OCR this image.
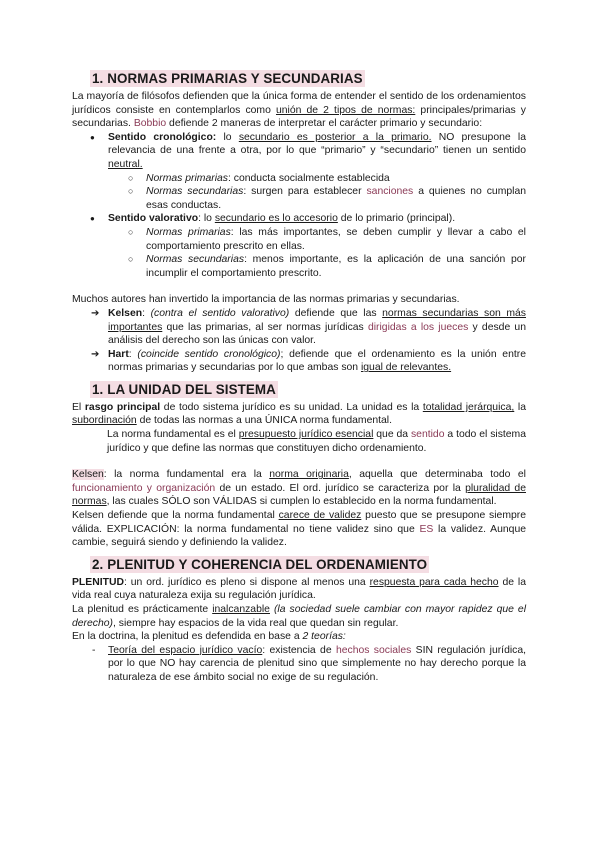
1. NORMAS PRIMARIAS Y SECUNDARIAS

La mayoría de filósofos defienden que la única forma de entender el sentido de los ordenamientos jurídicos consiste en contemplarlos como unión de 2 tipos de normas: principales/primarias y secundarias. Bobbio defiende 2 maneras de interpretar el carácter primario y secundario:

● Sentido cronológico: lo secundario es posterior a la primario. NO presupone la relevancia de una frente a otra, por lo que “primario” y “secundario” tienen un sentido neutral.
○ Normas primarias: conducta socialmente establecida
○ Normas secundarias: surgen para establecer sanciones a quienes no cumplan esas conductas.
● Sentido valorativo: lo secundario es lo accesorio de lo primario (principal).
○ Normas primarias: las más importantes, se deben cumplir y llevar a cabo el comportamiento prescrito en ellas.
○ Normas secundarias: menos importante, es la aplicación de una sanción por incumplir el comportamiento prescrito.

Muchos autores han invertido la importancia de las normas primarias y secundarias.

➔ Kelsen: (contra el sentido valorativo) defiende que las normas secundarias son más importantes que las primarias, al ser normas jurídicas dirigidas a los jueces y desde un análisis del derecho son las únicas con valor.
➔ Hart: (coincide sentido cronológico); defiende que el ordenamiento es la unión entre normas primarias y secundarias por lo que ambas son igual de relevantes.
1. LA UNIDAD DEL SISTEMA

El rasgo principal de todo sistema jurídico es su unidad. La unidad es la totalidad jerárquica, la subordinación de todas las normas a una ÚNICA norma fundamental.

La norma fundamental es el presupuesto jurídico esencial que da sentido a todo el sistema jurídico y que define las normas que constituyen dicho ordenamiento.

Kelsen: la norma fundamental era la norma originaria, aquella que determinaba todo el funcionamiento y organización de un estado. El ord. jurídico se caracteriza por la pluralidad de normas, las cuales SÓLO son VÁLIDAS si cumplen lo establecido en la norma fundamental.

Kelsen defiende que la norma fundamental carece de validez puesto que se presupone siempre válida. EXPLICACIÓN: la norma fundamental no tiene validez sino que ES la validez. Aunque cambie, seguirá siendo y definiendo la validez.

2. PLENITUD Y COHERENCIA DEL ORDENAMIENTO

PLENITUD: un ord. jurídico es pleno si dispone al menos una respuesta para cada hecho de la vida real cuya naturaleza exija su regulación jurídica.

La plenitud es prácticamente inalcanzable (la sociedad suele cambiar con mayor rapidez que el derecho), siempre hay espacios de la vida real que quedan sin regular.

En la doctrina, la plenitud es defendida en base a 2 teorías:

- Teoría del espacio jurídico vacío: existencia de hechos sociales SIN regulación jurídica, por lo que NO hay carencia de plenitud sino que simplemente no hay derecho porque la naturaleza de ese ámbito social no exige de su regulación.
